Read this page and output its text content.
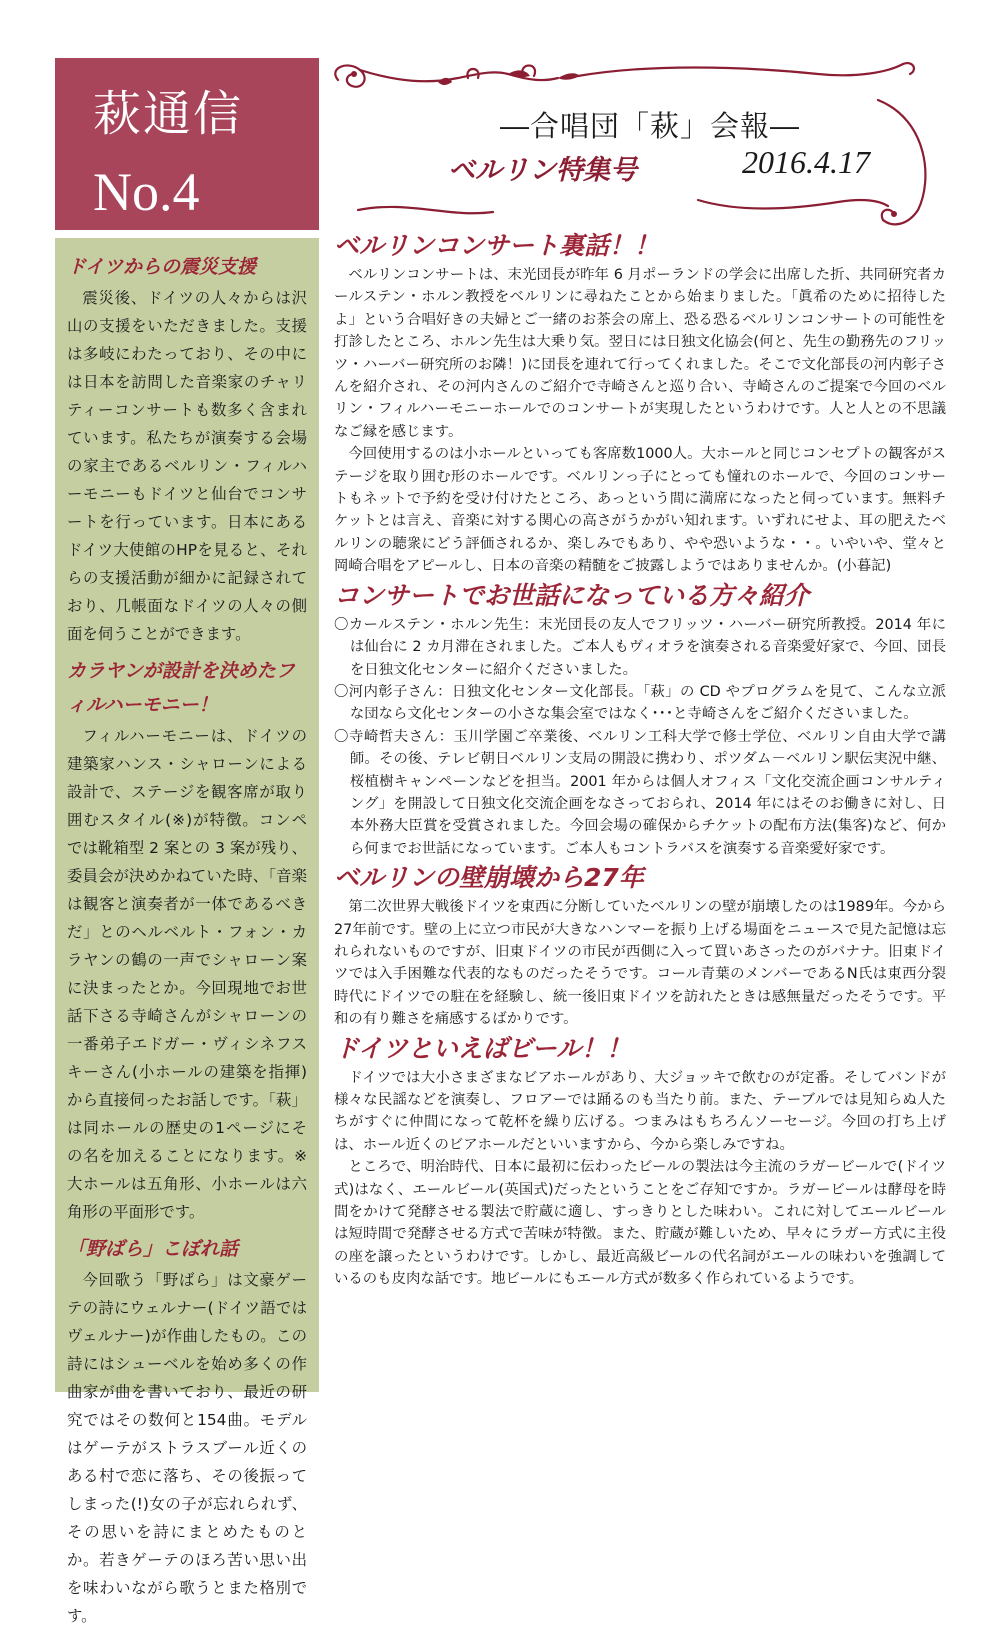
萩通信
No.4
―合唱団「萩」会報―
ベルリン特集号	2016.4.17
ドイツからの震災支援

震災後、ドイツの人々からは沢山の支援をいただきました。支援は多岐にわたっており、その中には日本を訪問した音楽家のチャリティーコンサートも数多く含まれています。私たちが演奏する会場の家主であるベルリン・フィルハーモニーもドイツと仙台でコンサートを行っています。日本にあるドイツ大使館のHPを見ると、それらの支援活動が細かに記録されており、几帳面なドイツの人々の側面を伺うことができます。

カラヤンが設計を決めたフィルハーモニー！

フィルハーモニーは、ドイツの建築家ハンス・シャローンによる設計で、ステージを観客席が取り囲むスタイル(※)が特徴。コンペでは靴箱型 2 案との 3 案が残り、委員会が決めかねていた時、「音楽は観客と演奏者が一体であるべきだ」とのヘルベルト・フォン・カラヤンの鶴の一声でシャローン案に決まったとか。今回現地でお世話下さる寺崎さんがシャローンの一番弟子エドガー・ヴィシネフスキーさん(小ホールの建築を指揮)から直接伺ったお話しです。「萩」は同ホールの歴史の1ページにその名を加えることになります。※大ホールは五角形、小ホールは六角形の平面形です。

「野ばら」こぼれ話

今回歌う「野ばら」は文豪ゲーテの詩にウェルナー(ドイツ語ではヴェルナー)が作曲したもの。この詩にはシューベルを始め多くの作曲家が曲を書いており、最近の研究ではその数何と154曲。モデルはゲーテがストラスブール近くのある村で恋に落ち、その後振ってしまった(!)女の子が忘れられず、その思いを詩にまとめたものとか。若きゲーテのほろ苦い思い出を味わいながら歌うとまた格別です。

ベルリンコンサート裏話！！

ベルリンコンサートは、末光団長が昨年 6 月ポーランドの学会に出席した折、共同研究者カールステン・ホルン教授をベルリンに尋ねたことから始まりました。「眞希のために招待したよ」という合唱好きの夫婦とご一緒のお茶会の席上、恐る恐るベルリンコンサートの可能性を打診したところ、ホルン先生は大乗り気。翌日には日独文化協会(何と、先生の勤務先のフリッツ・ハーバー研究所のお隣！)に団長を連れて行ってくれました。そこで文化部長の河内彰子さんを紹介され、その河内さんのご紹介で寺崎さんと巡り合い、寺崎さんのご提案で今回のベルリン・フィルハーモニーホールでのコンサートが実現したというわけです。人と人との不思議なご縁を感じます。

今回使用するのは小ホールといっても客席数1000人。大ホールと同じコンセプトの観客がステージを取り囲む形のホールです。ベルリンっ子にとっても憧れのホールで、今回のコンサートもネットで予約を受け付けたところ、あっという間に満席になったと伺っています。無料チケットとは言え、音楽に対する関心の高さがうかがい知れます。いずれにせよ、耳の肥えたベルリンの聴衆にどう評価されるか、楽しみでもあり、やや恐いような・・。いやいや、堂々と岡崎合唱をアピールし、日本の音楽の精髄をご披露しようではありませんか。(小暮記)

コンサートでお世話になっている方々紹介

〇カールステン・ホルン先生：末光団長の友人でフリッツ・ハーバー研究所教授。2014 年には仙台に 2 カ月滞在されました。ご本人もヴィオラを演奏される音楽愛好家で、今回、団長を日独文化センターに紹介くださいました。

〇河内彰子さん：日独文化センター文化部長。「萩」の CD やプログラムを見て、こんな立派な団なら文化センターの小さな集会室ではなく･･･と寺崎さんをご紹介くださいました。

〇寺崎哲夫さん：玉川学園ご卒業後、ベルリン工科大学で修士学位、ベルリン自由大学で講師。その後、テレビ朝日ベルリン支局の開設に携わり、ポツダム－ベルリン駅伝実況中継、桜植樹キャンペーンなどを担当。2001 年からは個人オフィス「文化交流企画コンサルティング」を開設して日独文化交流企画をなさっておられ、2014 年にはそのお働きに対し、日本外務大臣賞を受賞されました。今回会場の確保からチケットの配布方法(集客)など、何から何までお世話になっています。ご本人もコントラバスを演奏する音楽愛好家です。

ベルリンの壁崩壊から27年

第二次世界大戦後ドイツを東西に分断していたベルリンの壁が崩壊したのは1989年。今から27年前です。壁の上に立つ市民が大きなハンマーを振り上げる場面をニュースで見た記憶は忘れられないものですが、旧東ドイツの市民が西側に入って買いあさったのがバナナ。旧東ドイツでは入手困難な代表的なものだったそうです。コール青葉のメンバーであるN氏は東西分裂時代にドイツでの駐在を経験し、統一後旧東ドイツを訪れたときは感無量だったそうです。平和の有り難さを痛感するばかりです。

ドイツといえばビール！！

ドイツでは大小さまざまなビアホールがあり、大ジョッキで飲むのが定番。そしてバンドが様々な民謡などを演奏し、フロアーでは踊るのも当たり前。また、テーブルでは見知らぬ人たちがすぐに仲間になって乾杯を繰り広げる。つまみはもちろんソーセージ。今回の打ち上げは、ホール近くのビアホールだといいますから、今から楽しみですね。

ところで、明治時代、日本に最初に伝わったビールの製法は今主流のラガービールで(ドイツ式)はなく、エールビール(英国式)だったということをご存知ですか。ラガービールは酵母を時間をかけて発酵させる製法で貯蔵に適し、すっきりとした味わい。これに対してエールビールは短時間で発酵させる方式で苦味が特徴。また、貯蔵が難しいため、早々にラガー方式に主役の座を譲ったというわけです。しかし、最近高級ビールの代名詞がエールの味わいを強調しているのも皮肉な話です。地ビールにもエール方式が数多く作られているようです。
